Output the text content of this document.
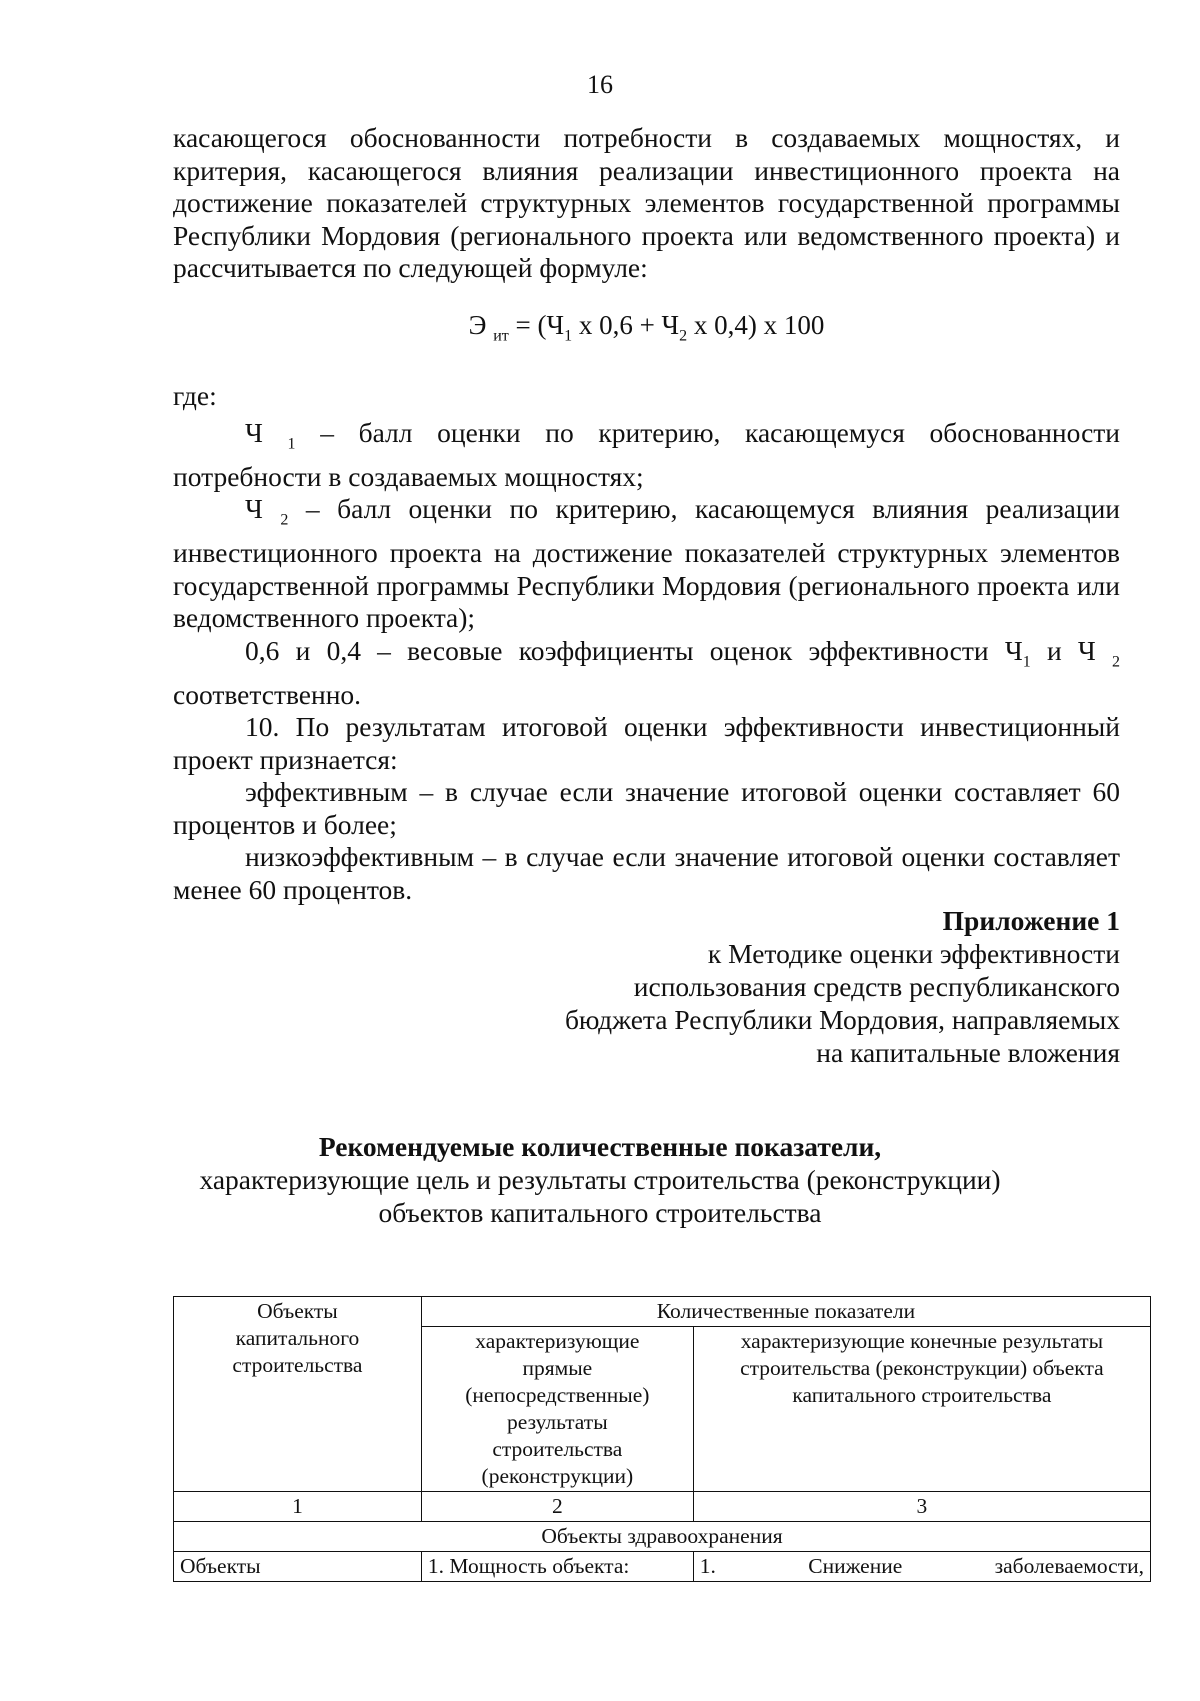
16

касающегося обоснованности потребности в создаваемых мощностях, и критерия, касающегося влияния реализации инвестиционного проекта на достижение показателей структурных элементов государственной программы Республики Мордовия (регионального проекта или ведомственного проекта) и рассчитывается по следующей формуле:

Э $_{ит} = (Ч_1$ х $0,6 + Ч_2$ х 0,4) х 100

где:

Ч $_1$ – балл оценки по критерию, касающемуся обоснованности потребности в создаваемых мощностях;

Ч $_2$ – балл оценки по критерию, касающемуся влияния реализации инвестиционного проекта на достижение показателей структурных элементов государственной программы Республики Мордовия (регионального проекта или ведомственного проекта);

0,6 и 0,4 – весовые коэффициенты оценок эффективности $Ч_1$ и Ч $_2$ соответственно.

10. По результатам итоговой оценки эффективности инвестиционный проект признается:

эффективным – в случае если значение итоговой оценки составляет 60 процентов и более;

низкоэффективным – в случае если значение итоговой оценки составляет менее 60 процентов.

Приложение 1
к Методике оценки эффективности
использования средств республиканского
бюджета Республики Мордовия, направляемых
на капитальные вложения
Рекомендуемые количественные показатели,
характеризующие цель и результаты строительства (реконструкции)
объектов капитального строительства
Объекты капитального строительства	Количественные показатели	
	характеризующие прямые (непосредственные) результаты строительства (реконструкции)	характеризующие конечные результаты строительства (реконструкции) объекта капитального строительства
1	2	3
Объекты здравоохранения		
Объекты	1. Мощность объекта:	1. Снижение заболеваемости,
